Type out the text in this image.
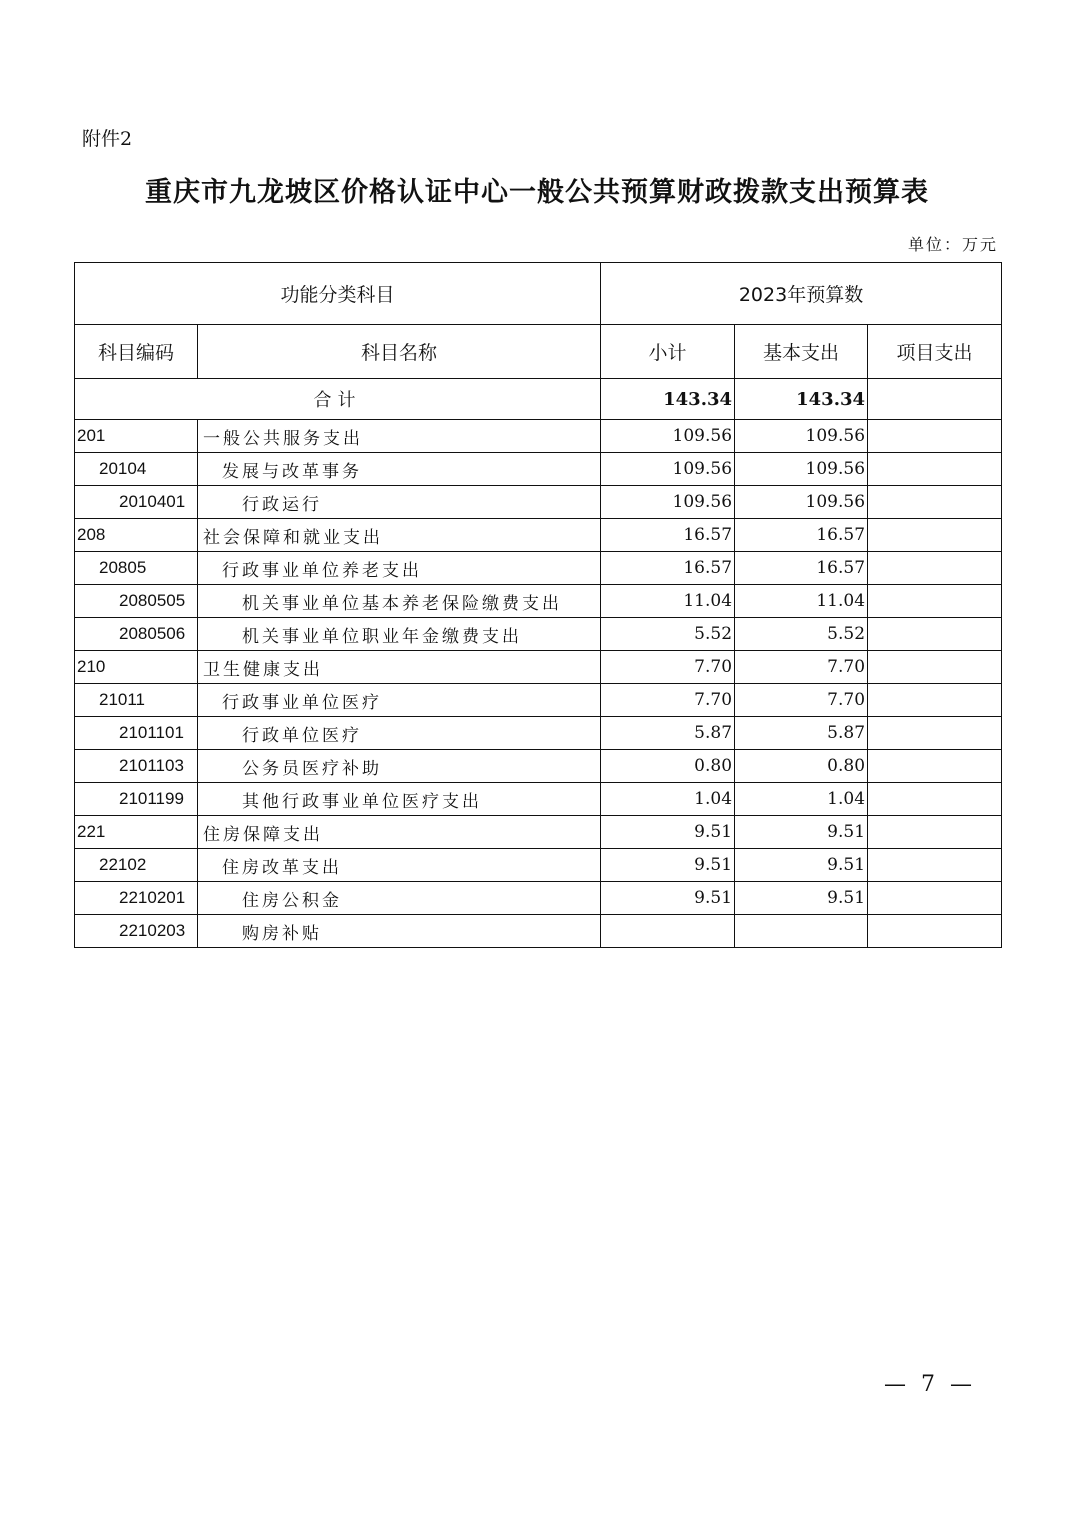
附件2
重庆市九龙坡区价格认证中心一般公共预算财政拨款支出预算表
单位：万元
功能分类科目		2023年预算数		
科目编码	科目名称	小计	基本支出	项目支出
合计		143.34	143.34	
201	一般公共服务支出	109.56	109.56	
20104	发展与改革事务	109.56	109.56	
2010401	行政运行	109.56	109.56	
208	社会保障和就业支出	16.57	16.57	
20805	行政事业单位养老支出	16.57	16.57	
2080505	机关事业单位基本养老保险缴费支出	11.04	11.04	
2080506	机关事业单位职业年金缴费支出	5.52	5.52	
210	卫生健康支出	7.70	7.70	
21011	行政事业单位医疗	7.70	7.70	
2101101	行政单位医疗	5.87	5.87	
2101103	公务员医疗补助	0.80	0.80	
2101199	其他行政事业单位医疗支出	1.04	1.04	
221	住房保障支出	9.51	9.51	
22102	住房改革支出	9.51	9.51	
2210201	住房公积金	9.51	9.51	
2210203	购房补贴			
— 7 —
